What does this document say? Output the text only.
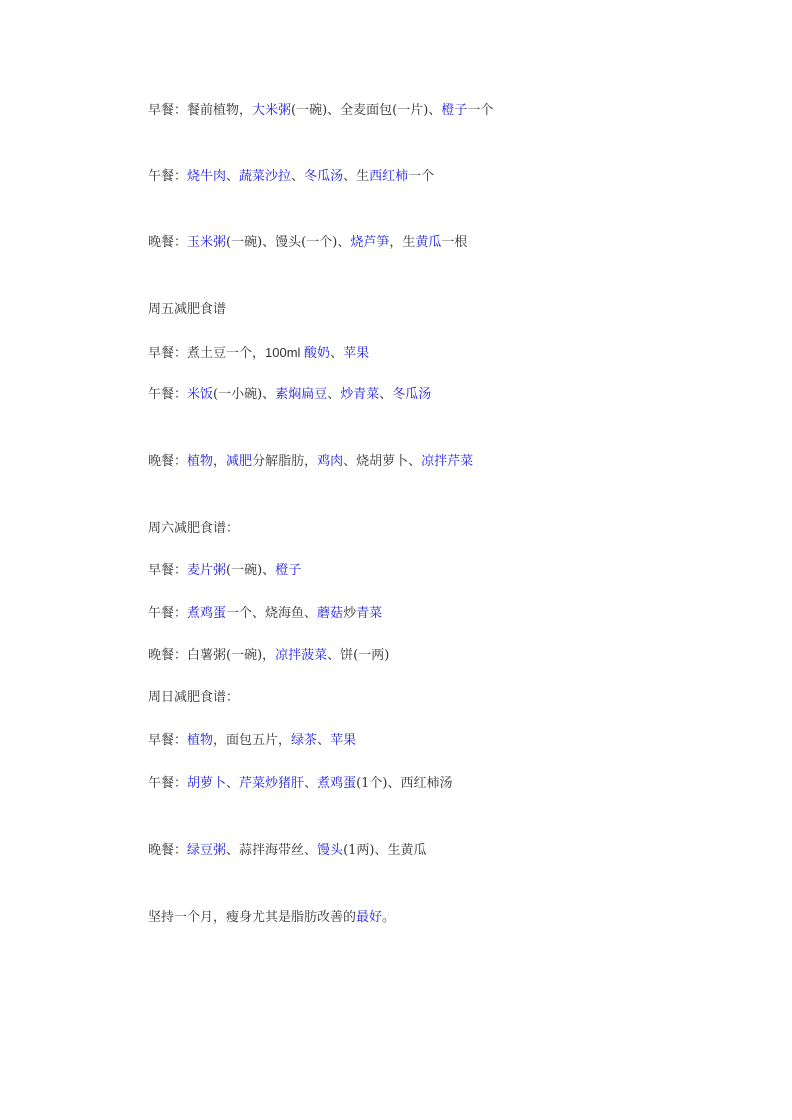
早餐：餐前植物，大米粥(一碗)、全麦面包(一片)、橙子一个
午餐：烧牛肉、蔬菜沙拉、冬瓜汤、生西红柿一个
晚餐：玉米粥(一碗)、馒头(一个)、烧芦笋，生黄瓜一根
周五减肥食谱
早餐：煮土豆一个，100ml 酸奶、苹果
午餐：米饭(一小碗)、素焖扁豆、炒青菜、冬瓜汤
晚餐：植物，减肥分解脂肪，鸡肉、烧胡萝卜、凉拌芹菜
周六减肥食谱：
早餐：麦片粥(一碗)、橙子
午餐：煮鸡蛋一个、烧海鱼、蘑菇炒青菜
晚餐：白薯粥(一碗)，凉拌菠菜、饼(一两)
周日减肥食谱：
早餐：植物，面包五片，绿茶、苹果
午餐：胡萝卜、芹菜炒猪肝、煮鸡蛋(1个)、西红柿汤
晚餐：绿豆粥、蒜拌海带丝、馒头(1两)、生黄瓜
坚持一个月，瘦身尤其是脂肪改善的最好。
